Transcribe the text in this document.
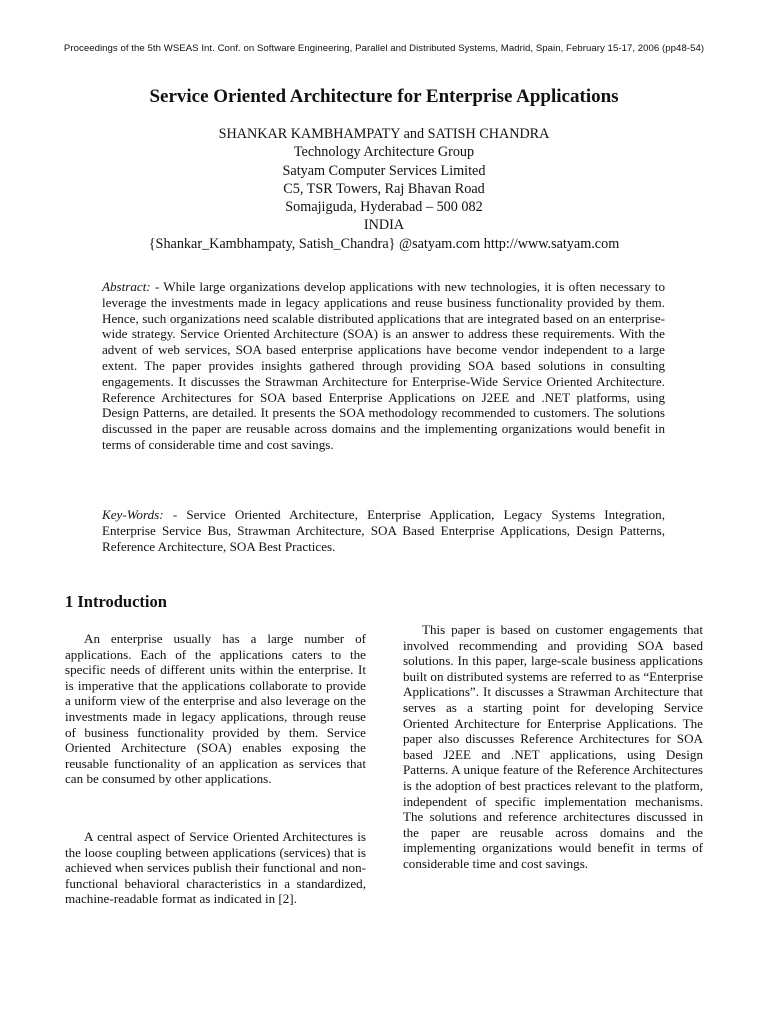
Proceedings of the 5th WSEAS Int. Conf. on Software Engineering, Parallel and Distributed Systems, Madrid, Spain, February 15-17, 2006 (pp48-54)
Service Oriented Architecture for Enterprise Applications
SHANKAR KAMBHAMPATY and SATISH CHANDRA
Technology Architecture Group
Satyam Computer Services Limited
C5, TSR Towers, Raj Bhavan Road
Somajiguda, Hyderabad – 500 082
INDIA
{Shankar_Kambhampaty, Satish_Chandra} @satyam.com http://www.satyam.com
Abstract: - While large organizations develop applications with new technologies, it is often necessary to leverage the investments made in legacy applications and reuse business functionality provided by them. Hence, such organizations need scalable distributed applications that are integrated based on an enterprise-wide strategy. Service Oriented Architecture (SOA) is an answer to address these requirements. With the advent of web services, SOA based enterprise applications have become vendor independent to a large extent. The paper provides insights gathered through providing SOA based solutions in consulting engagements. It discusses the Strawman Architecture for Enterprise-Wide Service Oriented Architecture. Reference Architectures for SOA based Enterprise Applications on J2EE and .NET platforms, using Design Patterns, are detailed. It presents the SOA methodology recommended to customers. The solutions discussed in the paper are reusable across domains and the implementing organizations would benefit in terms of considerable time and cost savings.
Key-Words: - Service Oriented Architecture, Enterprise Application, Legacy Systems Integration, Enterprise Service Bus, Strawman Architecture, SOA Based Enterprise Applications, Design Patterns, Reference Architecture, SOA Best Practices.
1 Introduction
An enterprise usually has a large number of applications. Each of the applications caters to the specific needs of different units within the enterprise. It is imperative that the applications collaborate to provide a uniform view of the enterprise and also leverage on the investments made in legacy applications, through reuse of business functionality provided by them. Service Oriented Architecture (SOA) enables exposing the reusable functionality of an application as services that can be consumed by other applications.
A central aspect of Service Oriented Architectures is the loose coupling between applications (services) that is achieved when services publish their functional and non-functional behavioral characteristics in a standardized, machine-readable format as indicated in [2].
This paper is based on customer engagements that involved recommending and providing SOA based solutions. In this paper, large-scale business applications built on distributed systems are referred to as “Enterprise Applications”. It discusses a Strawman Architecture that serves as a starting point for developing Service Oriented Architecture for Enterprise Applications. The paper also discusses Reference Architectures for SOA based J2EE and .NET applications, using Design Patterns. A unique feature of the Reference Architectures is the adoption of best practices relevant to the platform, independent of specific implementation mechanisms. The solutions and reference architectures discussed in the paper are reusable across domains and the implementing organizations would benefit in terms of considerable time and cost savings.
